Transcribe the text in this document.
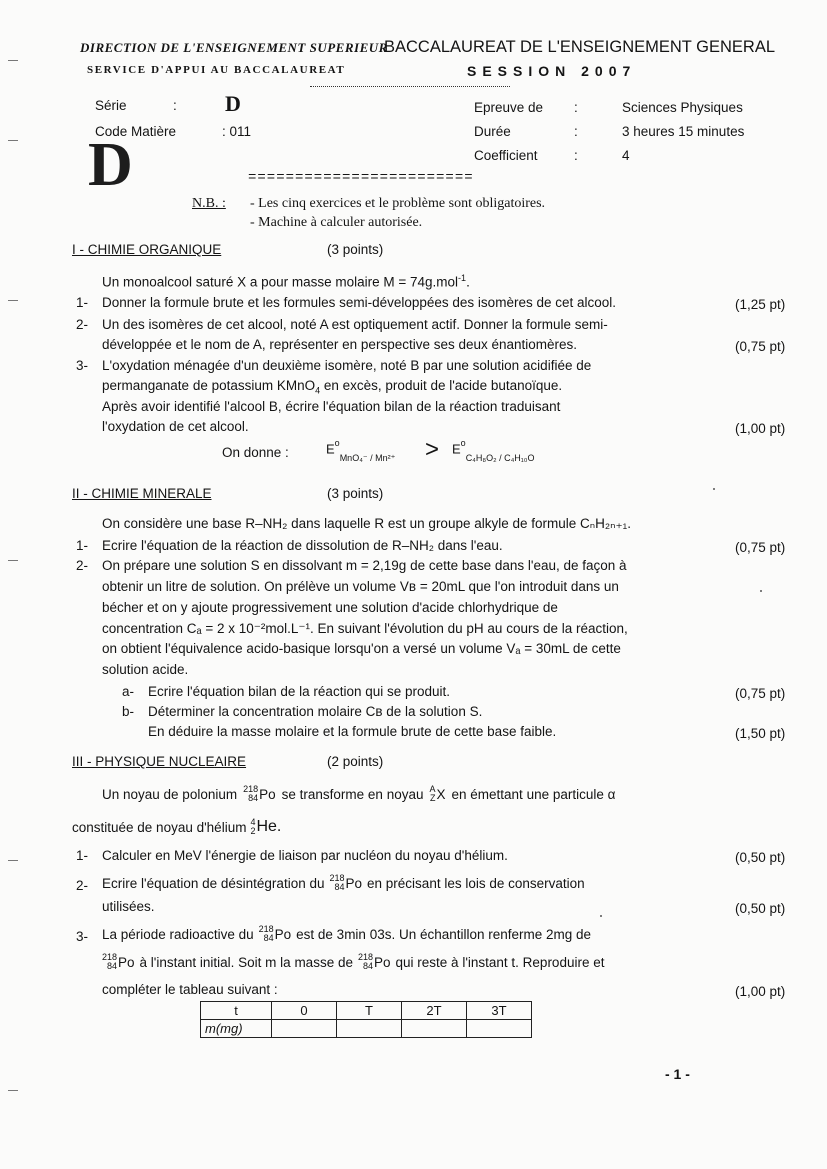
DIRECTION DE L'ENSEIGNEMENT SUPERIEUR
SERVICE D'APPUI AU BACCALAUREAT
BACCALAUREAT DE L'ENSEIGNEMENT GENERAL
SESSION 2007
Série	: D
Code Matière	: 011
D
Epreuve de :	Sciences Physiques
Durée	:	3 heures 15 minutes
Coefficient	:	4
========================
N.B. : - Les cinq exercices et le problème sont obligatoires.
- Machine à calculer autorisée.
I - CHIMIE ORGANIQUE	(3 points)
Un monoalcool saturé X a pour masse molaire M = 74g.mol$^{-1}$.
1- Donner la formule brute et les formules semi-développées des isomères de cet alcool.	(1,25 pt)
2- Un des isomères de cet alcool, noté A est optiquement actif. Donner la formule semi-
développée et le nom de A, représenter en perspective ses deux énantiomères.	(0,75 pt)
3- L'oxydation ménagée d'un deuxième isomère, noté B par une solution acidifiée de
permanganate de potassium KMnO$_4$ en excès, produit de l'acide butanoïque.
Après avoir identifié l'alcool B, écrire l'équation bilan de la réaction traduisant
l'oxydation de cet alcool.	(1,00 pt)
On donne :	$E^o_{MnO_4^- / Mn^{2+}} > E^o_{C_4H_8O_2 / C_4H_{10}O}$
II - CHIMIE MINERALE	(3 points)
On considère une base R–NH₂ dans laquelle R est un groupe alkyle de formule CₙH₂ₙ₊₁.
1- Ecrire l'équation de la réaction de dissolution de R–NH₂ dans l'eau.	(0,75 pt)
2- On prépare une solution S en dissolvant m = 2,19g de cette base dans l'eau, de façon à
obtenir un litre de solution. On prélève un volume Vʙ = 20mL que l'on introduit dans un
bécher et on y ajoute progressivement une solution d'acide chlorhydrique de
concentration Cₐ = 2 x 10⁻²mol.L⁻¹. En suivant l'évolution du pH au cours de la réaction,
on obtient l'équivalence acido-basique lorsqu'on a versé un volume Vₐ = 30mL de cette
solution acide.
a- Ecrire l'équation bilan de la réaction qui se produit.	(0,75 pt)
b- Déterminer la concentration molaire Cʙ de la solution S.
En déduire la masse molaire et la formule brute de cette base faible.	(1,50 pt)
III - PHYSIQUE NUCLEAIRE	(2 points)
Un noyau de polonium 218
84 Po se transforme en noyau A
Z X en émettant une particule α
constituée de noyau d'hélium 4
2 He.
1- Calculer en MeV l'énergie de liaison par nucléon du noyau d'hélium.	(0,50 pt)
2- Ecrire l'équation de désintégration du 218
84 Po en précisant les lois de conservation
utilisées.	(0,50 pt)
3- La période radioactive du 218
84 Po est de 3min 03s. Un échantillon renferme 2mg de
218
84 Po à l'instant initial. Soit m la masse de 218
84 Po qui reste à l'instant t. Reproduire et
compléter le tableau suivant :	(1,00 pt)
t	0	T	2T	3T
m(mg)				
- 1 -
